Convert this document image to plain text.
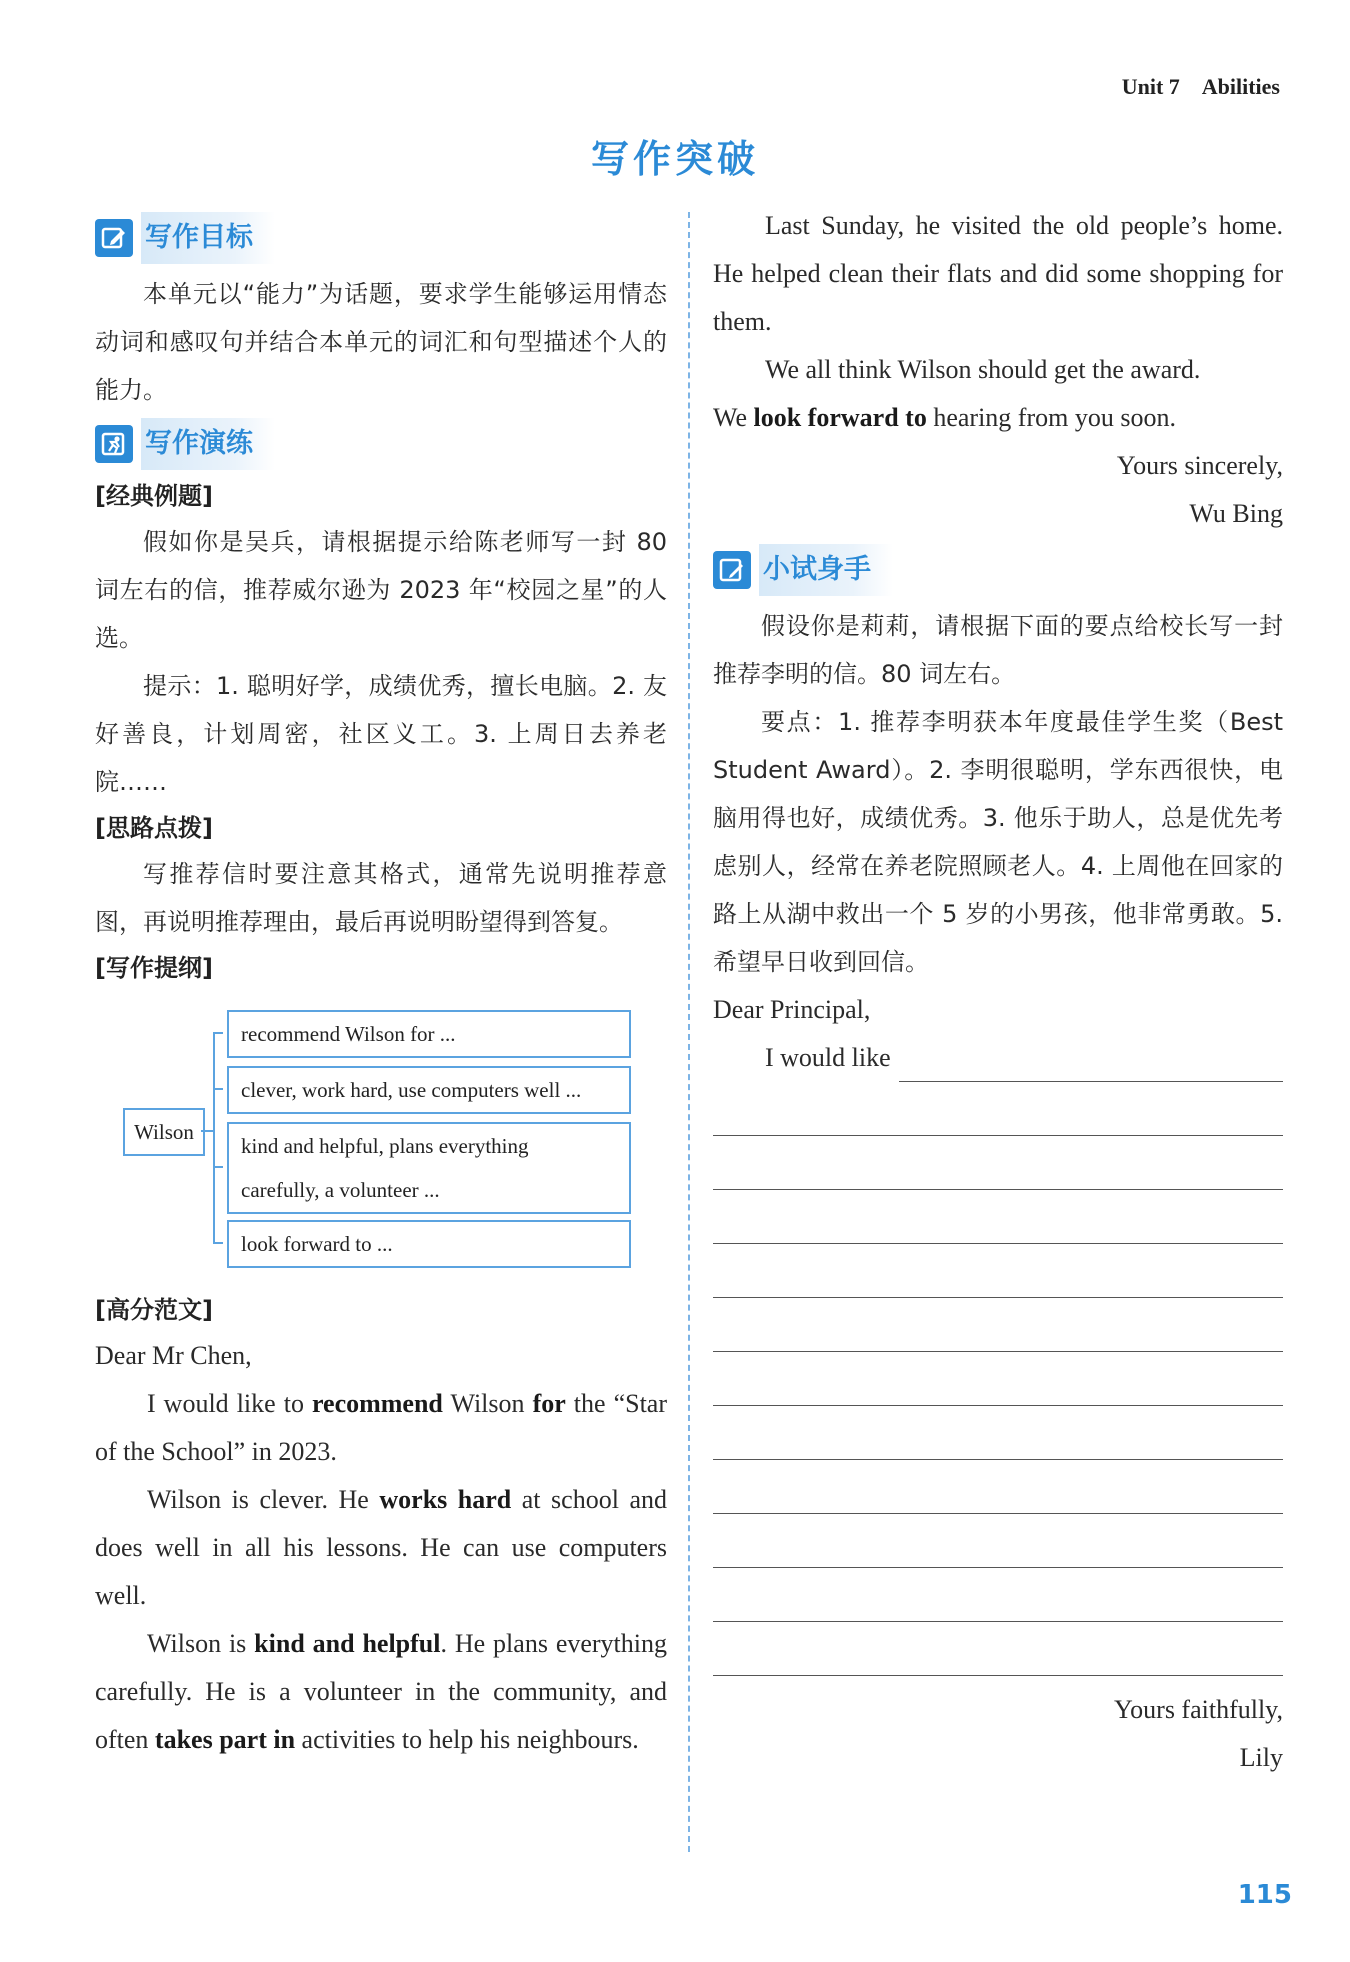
Unit 7 Abilities
写作突破
写作目标

本单元以“能力”为话题，要求学生能够运用情态动词和感叹句并结合本单元的词汇和句型描述个人的能力。

写作演练
[经典例题]

假如你是吴兵，请根据提示给陈老师写一封 80 词左右的信，推荐威尔逊为 2023 年“校园之星”的人选。

提示：1. 聪明好学，成绩优秀，擅长电脑。2. 友好善良，计划周密，社区义工。3. 上周日去养老院……

[思路点拨]

写推荐信时要注意其格式，通常先说明推荐意图，再说明推荐理由，最后再说明盼望得到答复。

[写作提纲]
Wilson
recommend Wilson for ...
clever, work hard, use computers well ...
kind and helpful, plans everything
carefully, a volunteer ...
look forward to ...
[高分范文]

Dear Mr Chen,

I would like to recommend Wilson for the “Star of the School” in 2023.

Wilson is clever. He works hard at school and does well in all his lessons. He can use computers well.

Wilson is kind and helpful. He plans everything carefully. He is a volunteer in the community, and often takes part in activities to help his neighbours.

Last Sunday, he visited the old people’s home. He helped clean their flats and did some shopping for them.

We all think Wilson should get the award.

We look forward to hearing from you soon.

Yours sincerely,

Wu Bing

小试身手

假设你是莉莉，请根据下面的要点给校长写一封推荐李明的信。80 词左右。

要点：1. 推荐李明获本年度最佳学生奖（Best Student Award）。2. 李明很聪明，学东西很快，电脑用得也好，成绩优秀。3. 他乐于助人，总是优先考虑别人，经常在养老院照顾老人。4. 上周他在回家的路上从湖中救出一个 5 岁的小男孩，他非常勇敢。5. 希望早日收到回信。

Dear Principal,

I would like

Yours faithfully,

Lily

115
